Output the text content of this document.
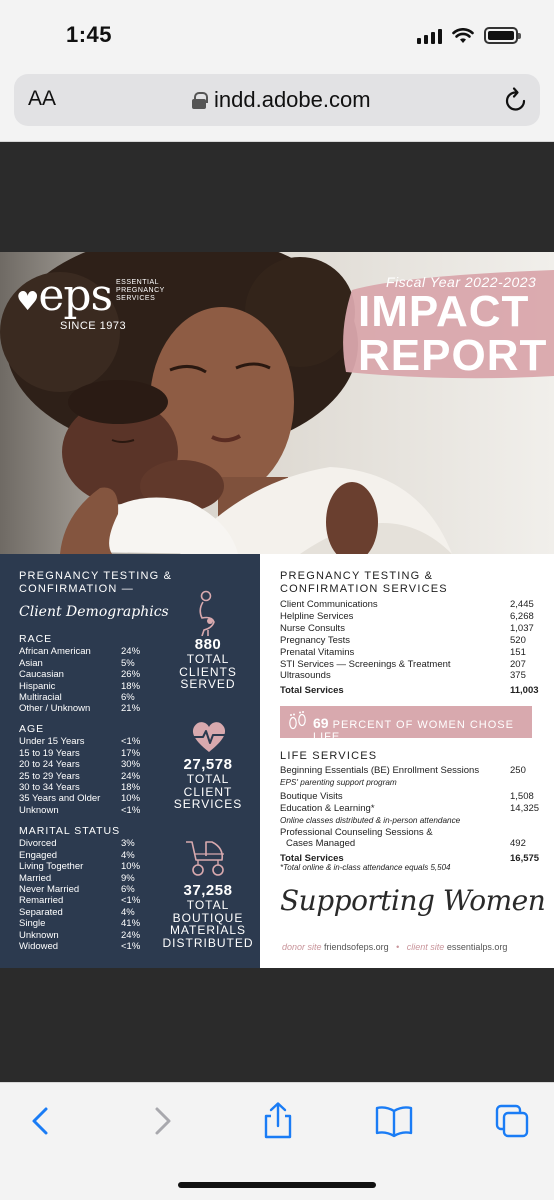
1:45
AA	indd.adobe.com
♥eps ESSENTIAL
PREGNANCY
SERVICES
SINCE 1973
Fiscal Year 2022-2023
IMPACT
REPORT
PREGNANCY TESTING &
CONFIRMATION —
Client Demographics
RACE
African American	24%
Asian	5%
Caucasian	26%
Hispanic	18%
Multiracial	6%
Other / Unknown	21%
AGE
Under 15 Years	<1%
15 to 19 Years	17%
20 to 24 Years	30%
25 to 29 Years	24%
30 to 34 Years	18%
35 Years and Older 10%
Unknown	<1%
MARITAL STATUS
Divorced	3%
Engaged	4%
Living Together	10%
Married	9%
Never Married	6%
Remarried	<1%
Separated	4%
Single	41%
Unknown	24%
Widowed	<1%
880
TOTAL
CLIENTS
SERVED
27,578
TOTAL
CLIENT
SERVICES
37,258
TOTAL
BOUTIQUE
MATERIALS
DISTRIBUTED
PREGNANCY TESTING &
CONFIRMATION SERVICES
Client Communications	2,445
Helpline Services	6,268
Nurse Consults	1,037
Pregnancy Tests	520
Prenatal Vitamins	151
STI Services — Screenings & Treatment	207
Ultrasounds	375
Total Services	11,003
69 PERCENT OF WOMEN CHOSE LIFE
LIFE SERVICES
Beginning Essentials (BE) Enrollment Sessions	250
EPS' parenting support program
Boutique Visits	1,508
Education & Learning*	14,325
Online classes distributed & in-person attendance
Professional Counseling Sessions &
Cases Managed	492
Total Services	16,575
*Total online & in-class attendance equals 5,504
Supporting Women
donor site friendsofeps.org • client site essentialps.org
